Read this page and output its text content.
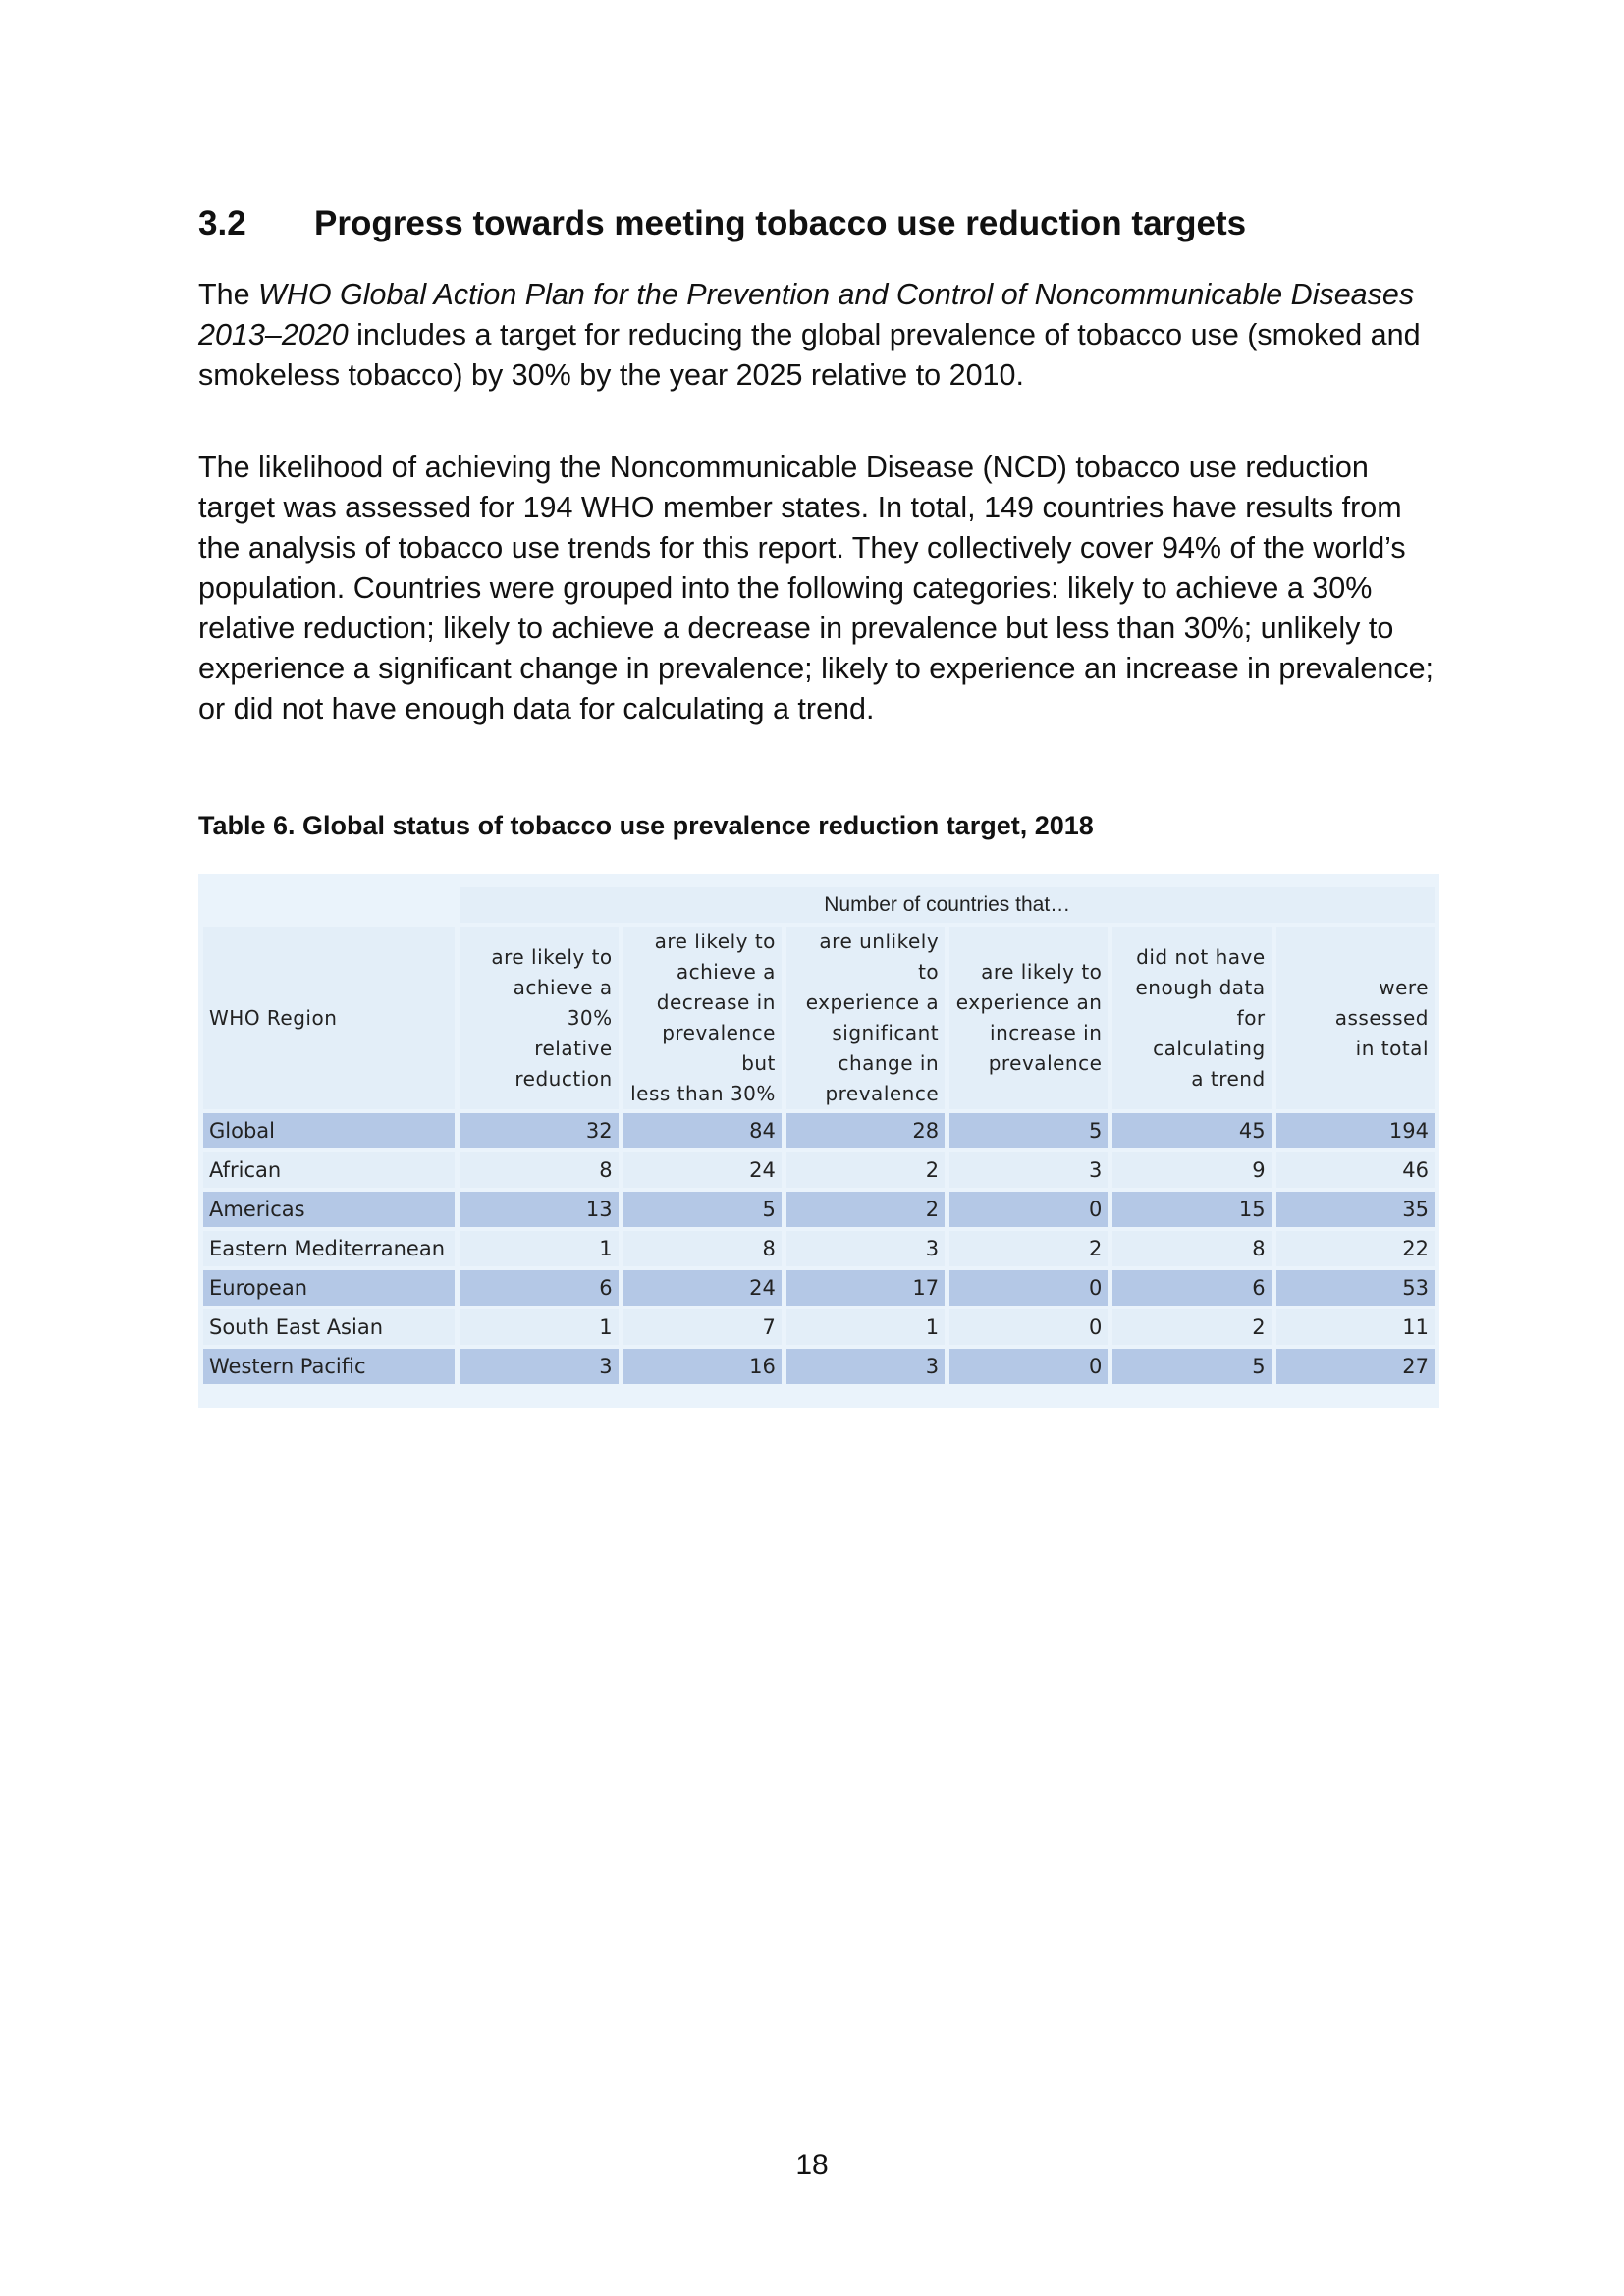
3.2 Progress towards meeting tobacco use reduction targets

The WHO Global Action Plan for the Prevention and Control of Noncommunicable Diseases 2013–2020 includes a target for reducing the global prevalence of tobacco use (smoked and smokeless tobacco) by 30% by the year 2025 relative to 2010.

The likelihood of achieving the Noncommunicable Disease (NCD) tobacco use reduction target was assessed for 194 WHO member states. In total, 149 countries have results from the analysis of tobacco use trends for this report. They collectively cover 94% of the world’s population. Countries were grouped into the following categories: likely to achieve a 30% relative reduction; likely to achieve a decrease in prevalence but less than 30%; unlikely to experience a significant change in prevalence; likely to experience an increase in prevalence; or did not have enough data for calculating a trend.

Table 6. Global status of tobacco use prevalence reduction target, 2018
	Number of countries that…					
WHO Region	are likely to
achieve a 30%
relative
reduction	are likely to
achieve a
decrease in
prevalence but
less than 30%	are unlikely to
experience a
significant
change in
prevalence	are likely to
experience an
increase in
prevalence	did not have
enough data
for calculating
a trend	were assessed
in total
Global	32	84	28	5	45	194
African	8	24	2	3	9	46
Americas	13	5	2	0	15	35
Eastern Mediterranean	1	8	3	2	8	22
European	6	24	17	0	6	53
South East Asian	1	7	1	0	2	11
Western Pacific	3	16	3	0	5	27
18
